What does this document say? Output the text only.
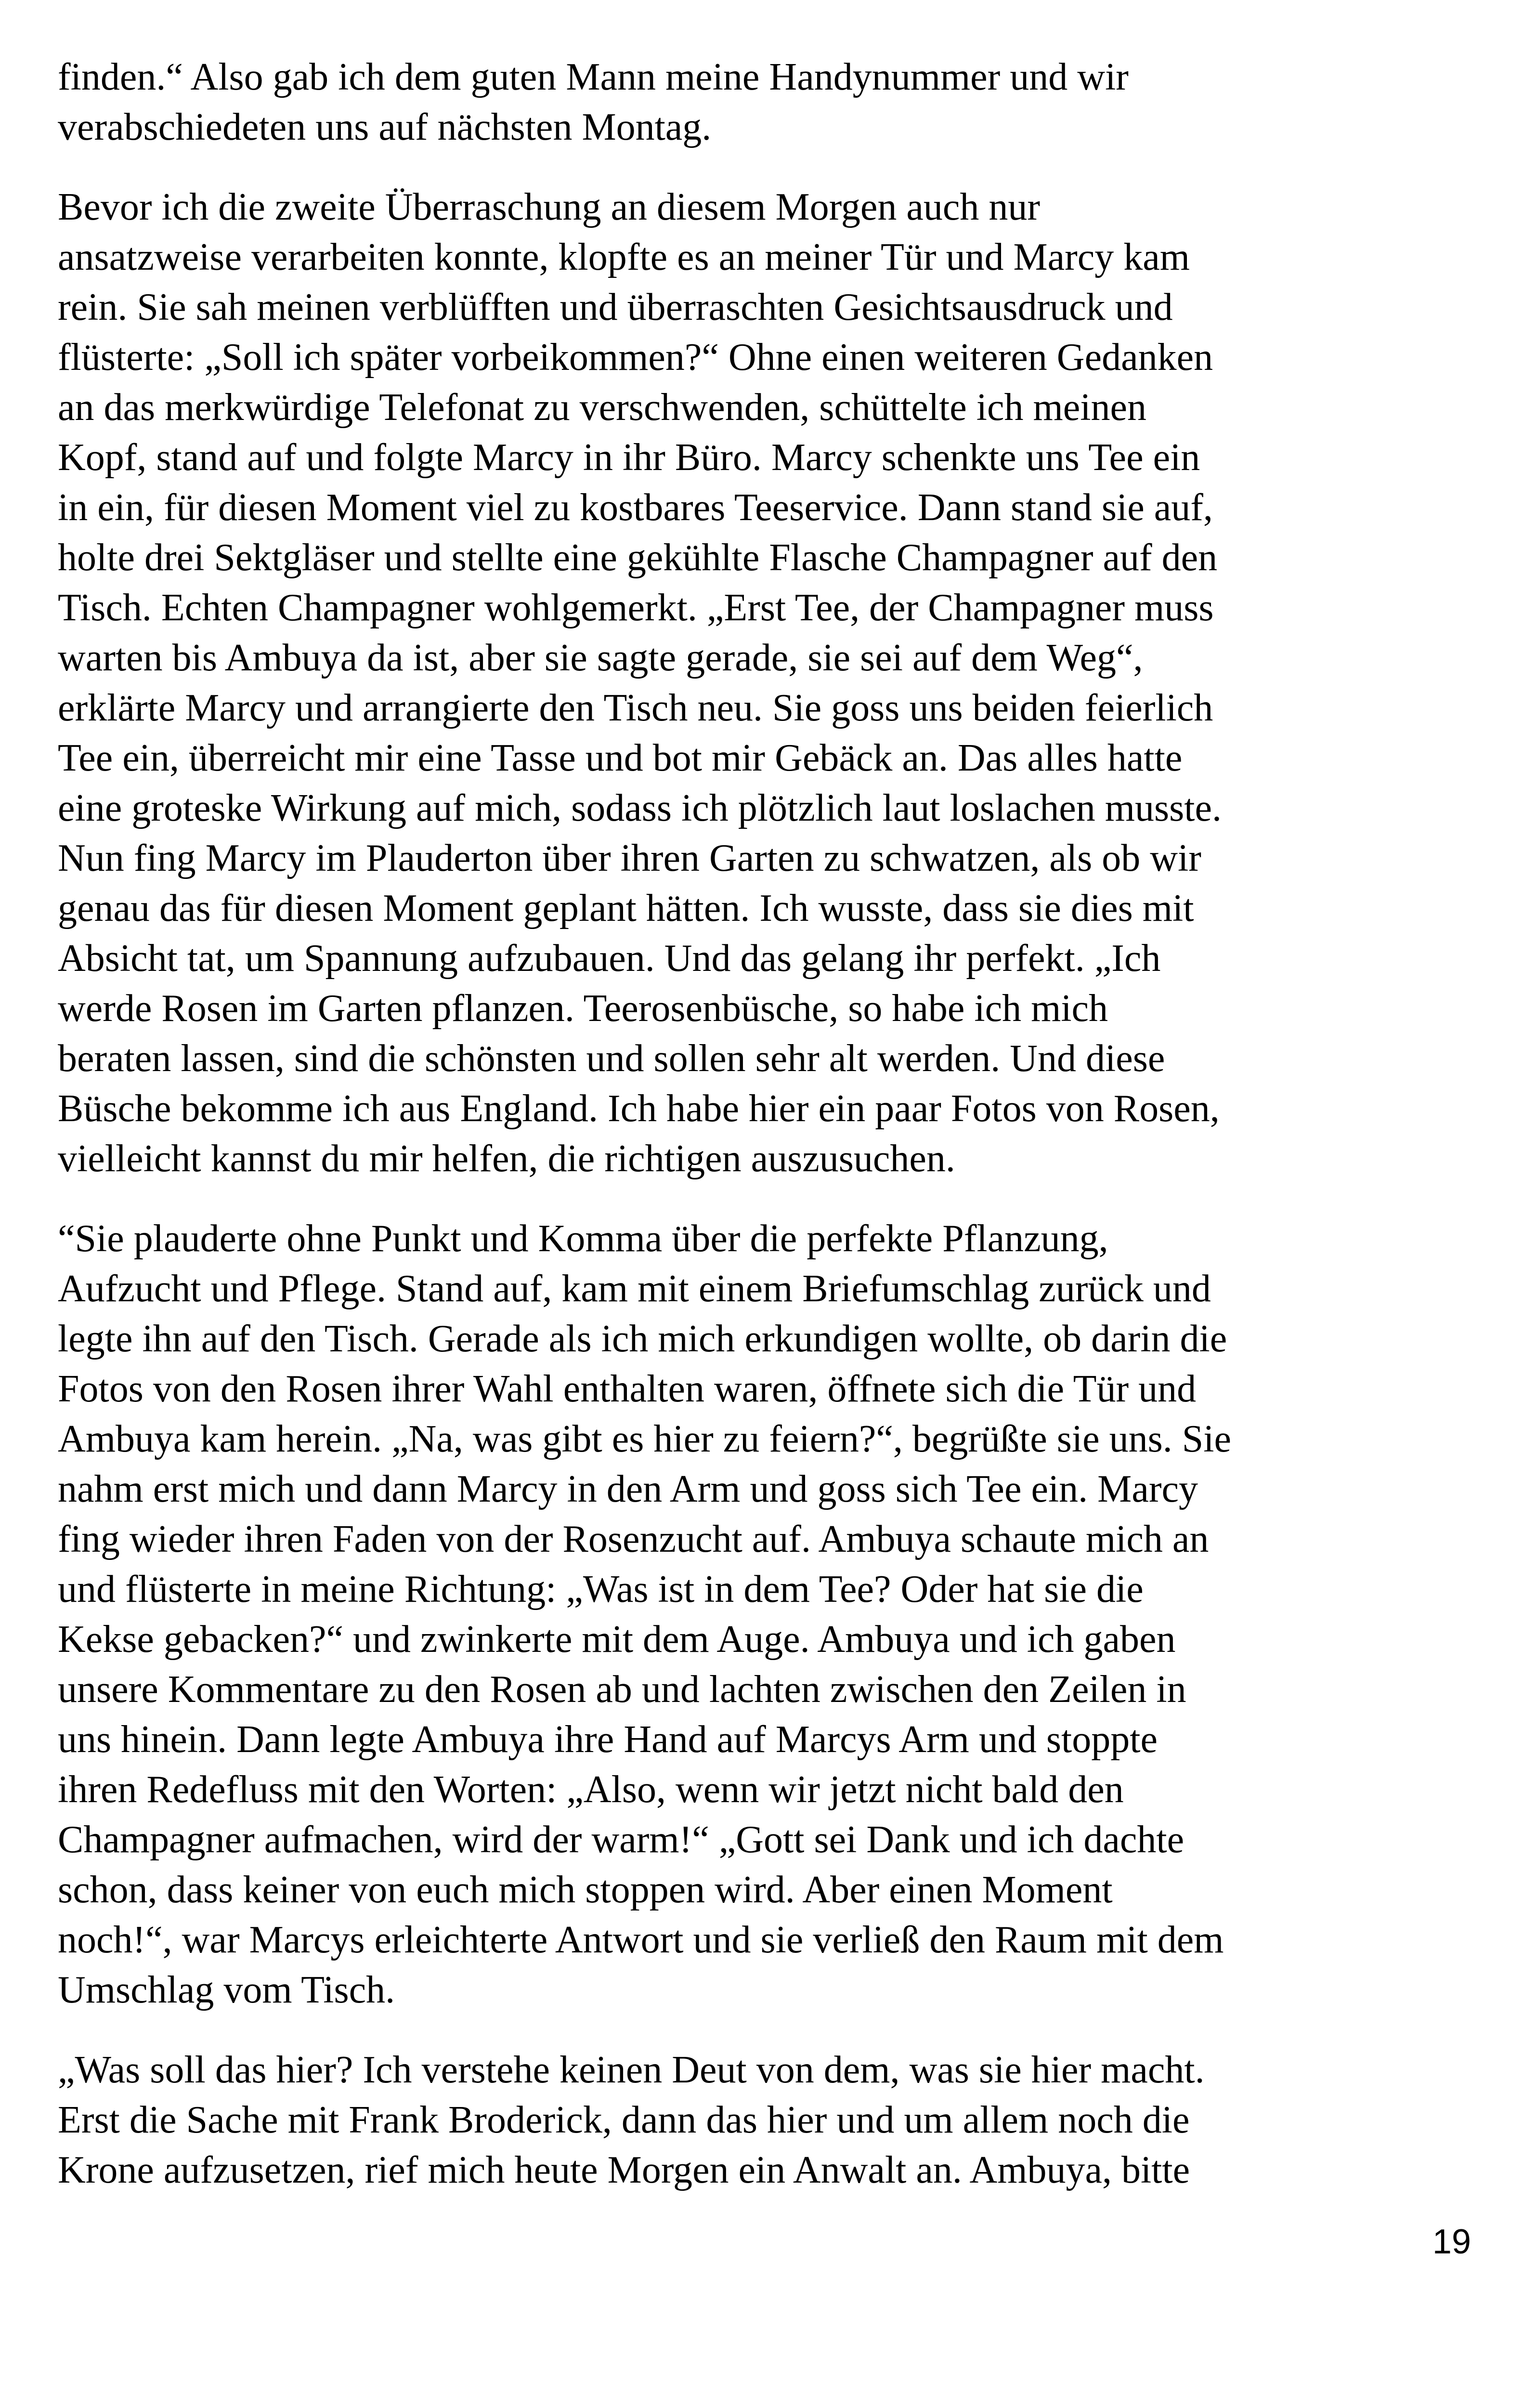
finden.“ Also gab ich dem guten Mann meine Handynummer und wir
verabschiedeten uns auf nächsten Montag.

Bevor ich die zweite Überraschung an diesem Morgen auch nur
ansatzweise verarbeiten konnte, klopfte es an meiner Tür und Marcy kam
rein. Sie sah meinen verblüfften und überraschten Gesichtsausdruck und
flüsterte: „Soll ich später vorbeikommen?“ Ohne einen weiteren Gedanken
an das merkwürdige Telefonat zu verschwenden, schüttelte ich meinen
Kopf, stand auf und folgte Marcy in ihr Büro. Marcy schenkte uns Tee ein
in ein, für diesen Moment viel zu kostbares Teeservice. Dann stand sie auf,
holte drei Sektgläser und stellte eine gekühlte Flasche Champagner auf den
Tisch. Echten Champagner wohlgemerkt. „Erst Tee, der Champagner muss
warten bis Ambuya da ist, aber sie sagte gerade, sie sei auf dem Weg“,
erklärte Marcy und arrangierte den Tisch neu. Sie goss uns beiden feierlich
Tee ein, überreicht mir eine Tasse und bot mir Gebäck an. Das alles hatte
eine groteske Wirkung auf mich, sodass ich plötzlich laut loslachen musste.
Nun fing Marcy im Plauderton über ihren Garten zu schwatzen, als ob wir
genau das für diesen Moment geplant hätten. Ich wusste, dass sie dies mit
Absicht tat, um Spannung aufzubauen. Und das gelang ihr perfekt. „Ich
werde Rosen im Garten pflanzen. Teerosenbüsche, so habe ich mich
beraten lassen, sind die schönsten und sollen sehr alt werden. Und diese
Büsche bekomme ich aus England. Ich habe hier ein paar Fotos von Rosen,
vielleicht kannst du mir helfen, die richtigen auszusuchen.

“Sie plauderte ohne Punkt und Komma über die perfekte Pflanzung,
Aufzucht und Pflege. Stand auf, kam mit einem Briefumschlag zurück und
legte ihn auf den Tisch. Gerade als ich mich erkundigen wollte, ob darin die
Fotos von den Rosen ihrer Wahl enthalten waren, öffnete sich die Tür und
Ambuya kam herein. „Na, was gibt es hier zu feiern?“, begrüßte sie uns. Sie
nahm erst mich und dann Marcy in den Arm und goss sich Tee ein. Marcy
fing wieder ihren Faden von der Rosenzucht auf. Ambuya schaute mich an
und flüsterte in meine Richtung: „Was ist in dem Tee? Oder hat sie die
Kekse gebacken?“ und zwinkerte mit dem Auge. Ambuya und ich gaben
unsere Kommentare zu den Rosen ab und lachten zwischen den Zeilen in
uns hinein. Dann legte Ambuya ihre Hand auf Marcys Arm und stoppte
ihren Redefluss mit den Worten: „Also, wenn wir jetzt nicht bald den
Champagner aufmachen, wird der warm!“ „Gott sei Dank und ich dachte
schon, dass keiner von euch mich stoppen wird. Aber einen Moment
noch!“, war Marcys erleichterte Antwort und sie verließ den Raum mit dem
Umschlag vom Tisch.

„Was soll das hier? Ich verstehe keinen Deut von dem, was sie hier macht.
Erst die Sache mit Frank Broderick, dann das hier und um allem noch die
Krone aufzusetzen, rief mich heute Morgen ein Anwalt an. Ambuya, bitte

19
